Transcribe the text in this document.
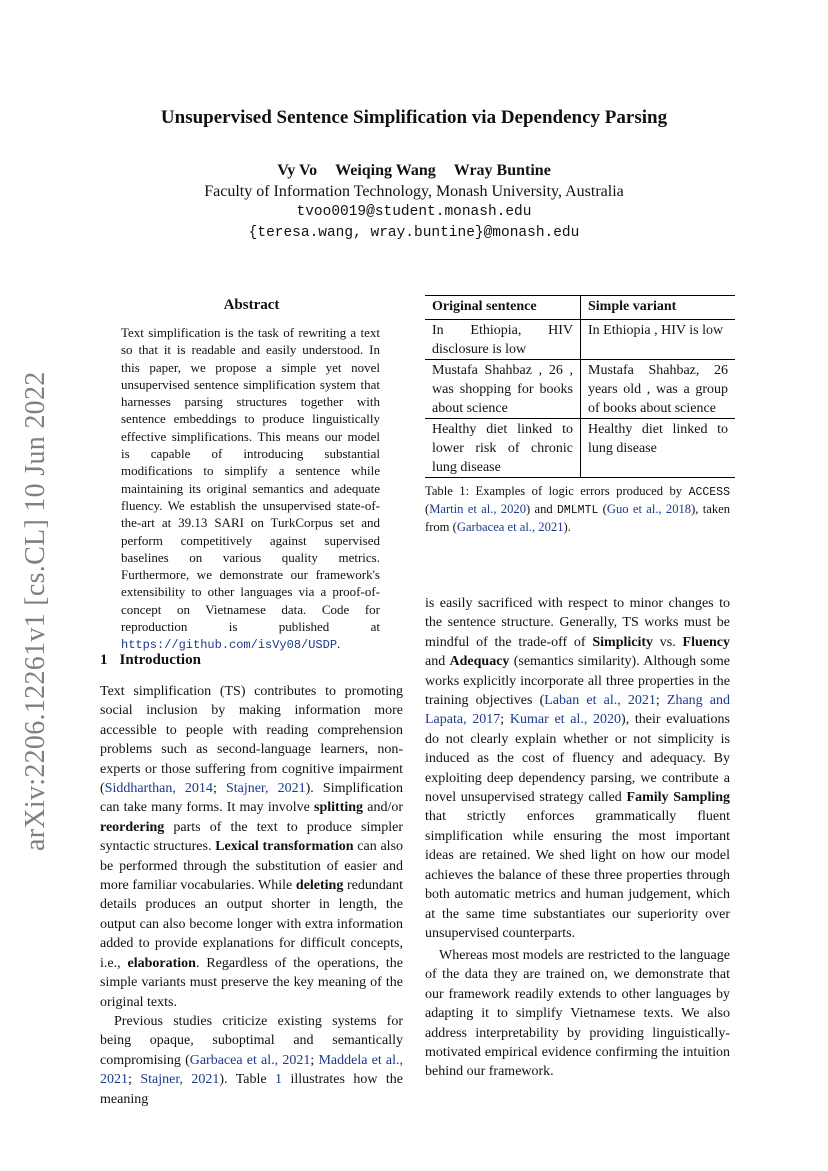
arXiv:2206.12261v1 [cs.CL] 10 Jun 2022
Unsupervised Sentence Simplification via Dependency Parsing
Vy Vo Weiqing Wang Wray Buntine
Faculty of Information Technology, Monash University, Australia
tvoo0019@student.monash.edu
{teresa.wang, wray.buntine}@monash.edu
Abstract
Text simplification is the task of rewriting a text so that it is readable and easily understood. In this paper, we propose a simple yet novel unsupervised sentence simplification system that harnesses parsing structures together with sentence embeddings to produce linguistically effective simplifications. This means our model is capable of introducing substantial modifications to simplify a sentence while maintaining its original semantics and adequate fluency. We establish the unsupervised state-of-the-art at 39.13 SARI on TurkCorpus set and perform competitively against supervised baselines on various quality metrics. Furthermore, we demonstrate our framework's extensibility to other languages via a proof-of-concept on Vietnamese data. Code for reproduction is published at https://github.com/isVy08/USDP.
1 Introduction

Text simplification (TS) contributes to promoting social inclusion by making information more accessible to people with reading comprehension problems such as second-language learners, non-experts or those suffering from cognitive impairment (Siddharthan, 2014; Stajner, 2021). Simplification can take many forms. It may involve splitting and/or reordering parts of the text to produce simpler syntactic structures. Lexical transformation can also be performed through the substitution of easier and more familiar vocabularies. While deleting redundant details produces an output shorter in length, the output can also become longer with extra information added to provide explanations for difficult concepts, i.e., elaboration. Regardless of the operations, the simple variants must preserve the key meaning of the original texts.

Previous studies criticize existing systems for being opaque, suboptimal and semantically compromising (Garbacea et al., 2021; Maddela et al., 2021; Stajner, 2021). Table 1 illustrates how the meaning

Original sentence	Simple variant
In Ethiopia, HIV disclosure is low	In Ethiopia , HIV is low
Mustafa Shahbaz , 26 , was shopping for books about science	Mustafa Shahbaz, 26 years old , was a group of books about science
Healthy diet linked to lower risk of chronic lung disease	Healthy diet linked to lung disease
Table 1: Examples of logic errors produced by ACCESS (Martin et al., 2020) and DMLMTL (Guo et al., 2018), taken from (Garbacea et al., 2021).

is easily sacrificed with respect to minor changes to the sentence structure. Generally, TS works must be mindful of the trade-off of Simplicity vs. Fluency and Adequacy (semantics similarity). Although some works explicitly incorporate all three properties in the training objectives (Laban et al., 2021; Zhang and Lapata, 2017; Kumar et al., 2020), their evaluations do not clearly explain whether or not simplicity is induced as the cost of fluency and adequacy. By exploiting deep dependency parsing, we contribute a novel unsupervised strategy called Family Sampling that strictly enforces grammatically fluent simplification while ensuring the most important ideas are retained. We shed light on how our model achieves the balance of these three properties through both automatic metrics and human judgement, which at the same time substantiates our superiority over unsupervised counterparts.

Whereas most models are restricted to the language of the data they are trained on, we demonstrate that our framework readily extends to other languages by adapting it to simplify Vietnamese texts. We also address interpretability by providing linguistically-motivated empirical evidence confirming the intuition behind our framework.
